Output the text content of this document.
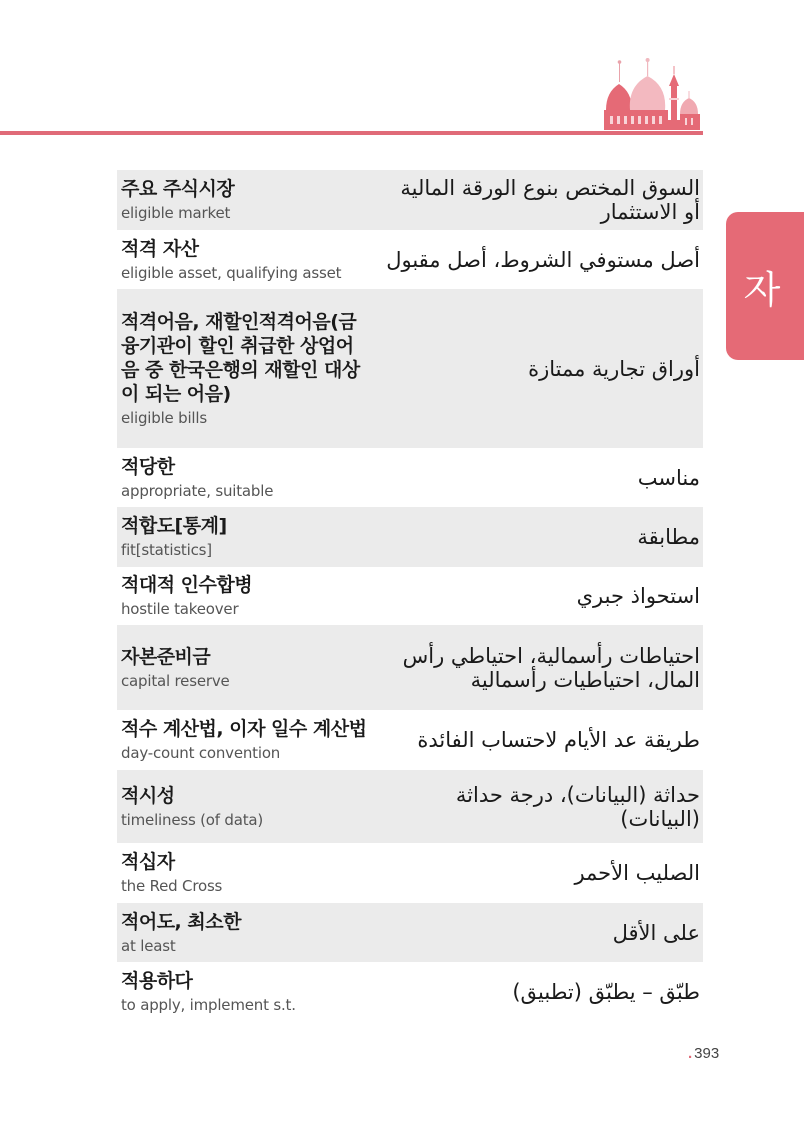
자
주요 주식시장
eligible market
السوق المختص بنوع الورقة المالية أو الاستثمار
적격 자산
eligible asset, qualifying asset
أصل مستوفي الشروط، أصل مقبول
적격어음, 재할인적격어음(금융기관이 할인 취급한 상업어음 중 한국은행의 재할인 대상이 되는 어음)
eligible bills
أوراق تجارية ممتازة
적당한
appropriate, suitable
مناسب
적합도[통계]
fit[statistics]
مطابقة
적대적 인수합병
hostile takeover
استحواذ جبري
자본준비금
capital reserve
احتياطات رأسمالية، احتياطي رأس المال، احتياطيات رأسمالية
적수 계산법, 이자 일수 계산법
day-count convention
طريقة عد الأيام لاحتساب الفائدة
적시성
timeliness (of data)
حداثة (البيانات)، درجة حداثة (البيانات)
적십자
the Red Cross
الصليب الأحمر
적어도, 최소한
at least
على الأقل
적용하다
to apply, implement s.t.
طبّق – يطبّق (تطبيق)
. 393
